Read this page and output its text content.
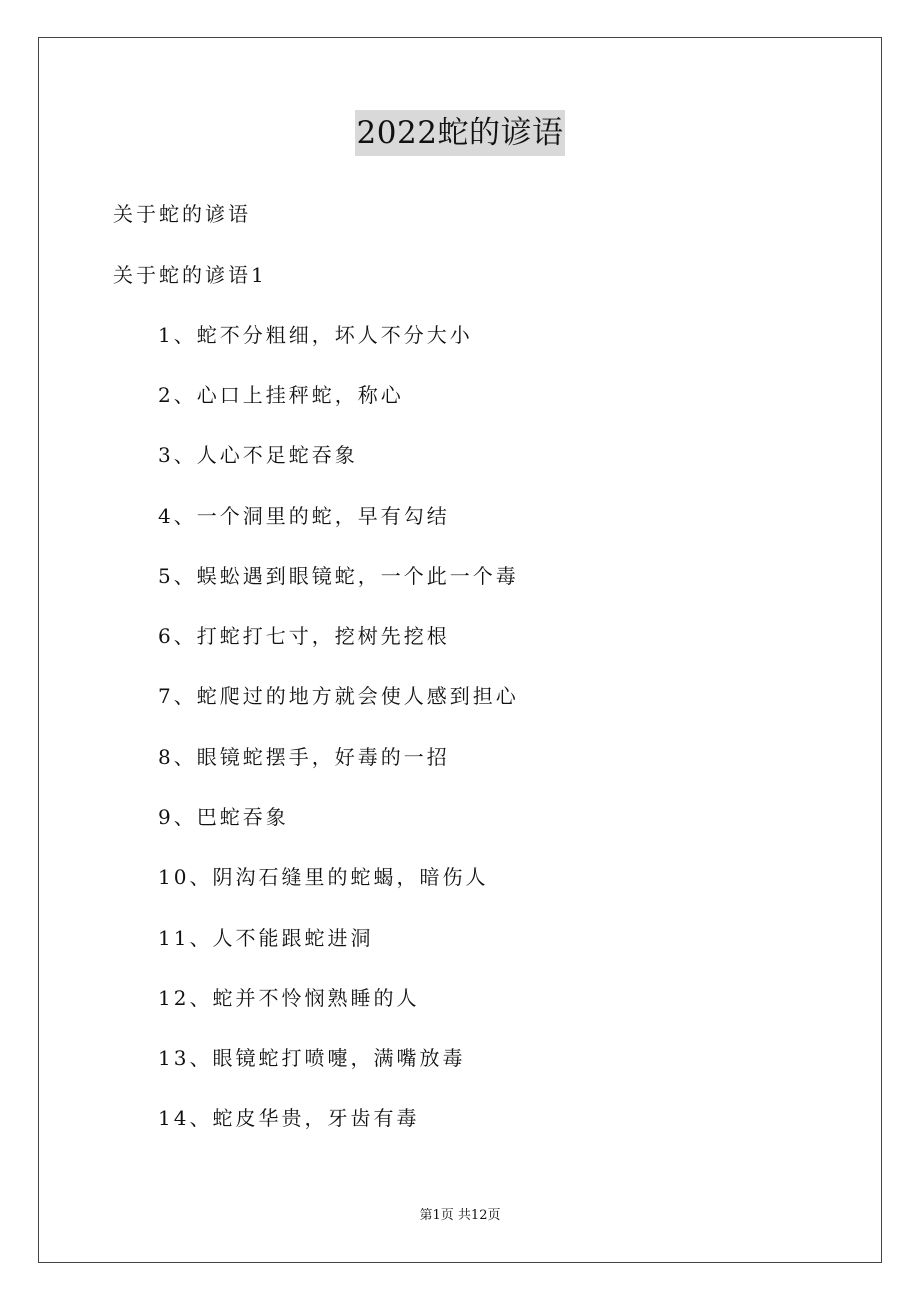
2022蛇的谚语
关于蛇的谚语
关于蛇的谚语1
1、蛇不分粗细，坏人不分大小
2、心口上挂秤蛇，称心
3、人心不足蛇吞象
4、一个洞里的蛇，早有勾结
5、蜈蚣遇到眼镜蛇，一个此一个毒
6、打蛇打七寸，挖树先挖根
7、蛇爬过的地方就会使人感到担心
8、眼镜蛇摆手，好毒的一招
9、巴蛇吞象
10、阴沟石缝里的蛇蝎，暗伤人
11、人不能跟蛇进洞
12、蛇并不怜悯熟睡的人
13、眼镜蛇打喷嚏，满嘴放毒
14、蛇皮华贵，牙齿有毒
第1页 共12页
